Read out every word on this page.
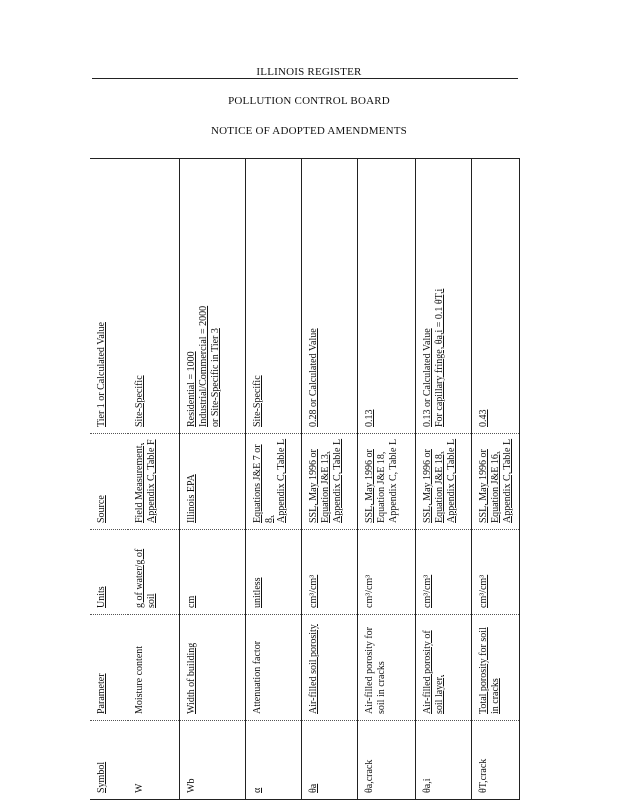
ILLINOIS REGISTER
POLLUTION CONTROL BOARD
NOTICE OF ADOPTED AMENDMENTS
Symbol
Parameter
Units
Source
Tier 1 or Calculated Value
W
Moisture content
g of water/g of soil
Field Measurement, Appendix C, Table F
Site-Specific
Wb
Width of building
cm
Illinois EPA
Residential = 1000 Industrial/Commercial = 2000 or Site-Specific in Tier 3
α
Attenuation factor
unitless
Equations J&E 7 or 8, Appendix C, Table L
Site-Specific
θa
Air-filled soil porosity
cm³/cm³
SSL, May 1996 or Equation J&E 13, Appendix C, Table L
0.28 or Calculated Value
θa,crack
Air-filled porosity for soil in cracks
cm³/cm³
SSL, May 1996 or Equation J&E 18, Appendix C, Table L
0.13
θa,i
Air-filled porosity of soil layer,
cm³/cm³
SSL, May 1996 or Equation J&E 18, Appendix C, Table L
0.13 or Calculated Value For capillary fringe, θa,i = 0.1 θT,i
θT,crack
Total porosity for soil in cracks
cm³/cm³
SSL, May 1996 or Equation J&E 16, Appendix C, Table L
0.43
